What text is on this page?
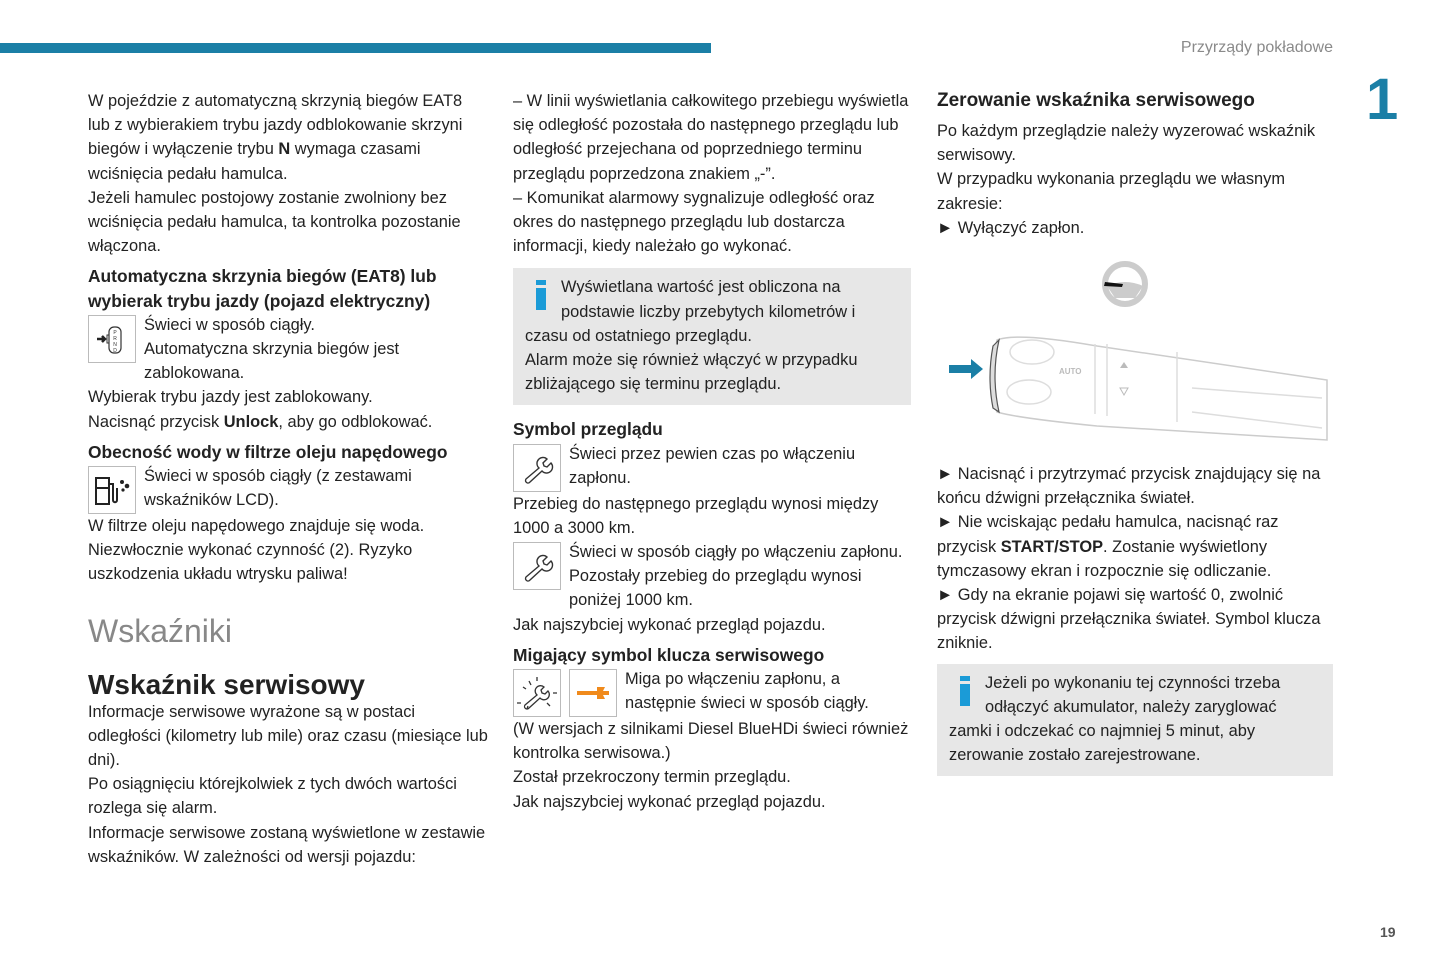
Przyrządy pokładowe
1
19

W pojeździe z automatyczną skrzynią biegów EAT8 lub z wybierakiem trybu jazdy odblokowanie skrzyni biegów i wyłączenie trybu N wymaga czasami wciśnięcia pedału hamulca.

Jeżeli hamulec postojowy zostanie zwolniony bez wciśnięcia pedału hamulca, ta kontrolka pozostanie włączona.

Automatyczna skrzynia biegów (EAT8) lub wybierak trybu jazdy (pojazd elektryczny)
P
R
N
D

Świeci w sposób ciągły.

Automatyczna skrzynia biegów jest zablokowana.

Wybierak trybu jazdy jest zablokowany.

Nacisnąć przycisk Unlock, aby go odblokować.

Obecność wody w filtrze oleju napędowego

Świeci w sposób ciągły (z zestawami wskaźników LCD).

W filtrze oleju napędowego znajduje się woda.

Niezwłocznie wykonać czynność (2). Ryzyko uszkodzenia układu wtrysku paliwa!

Wskaźniki
Wskaźnik serwisowy

Informacje serwisowe wyrażone są w postaci odległości (kilometry lub mile) oraz czasu (miesiące lub dni).

Po osiągnięciu którejkolwiek z tych dwóch wartości rozlega się alarm.

Informacje serwisowe zostaną wyświetlone w zestawie wskaźników. W zależności od wersji pojazdu:

– W linii wyświetlania całkowitego przebiegu wyświetla się odległość pozostała do następnego przeglądu lub odległość przejechana od poprzedniego terminu przeglądu poprzedzona znakiem „-”.

– Komunikat alarmowy sygnalizuje odległość oraz okres do następnego przeglądu lub dostarcza informacji, kiedy należało go wykonać.

Wyświetlana wartość jest obliczona na podstawie liczby przebytych kilometrów i czasu od ostatniego przeglądu.

Alarm może się również włączyć w przypadku zbliżającego się terminu przeglądu.

Symbol przeglądu

Świeci przez pewien czas po włączeniu zapłonu.

Przebieg do następnego przeglądu wynosi między 1000 a 3000 km.

Świeci w sposób ciągły po włączeniu zapłonu. Pozostały przebieg do przeglądu wynosi poniżej 1000 km.

Jak najszybciej wykonać przegląd pojazdu.

Migający symbol klucza serwisowego

Miga po włączeniu zapłonu, a następnie świeci w sposób ciągły.

(W wersjach z silnikami Diesel BlueHDi świeci również kontrolka serwisowa.)

Został przekroczony termin przeglądu.

Jak najszybciej wykonać przegląd pojazdu.

Zerowanie wskaźnika serwisowego

Po każdym przeglądzie należy wyzerować wskaźnik serwisowy.

W przypadku wykonania przeglądu we własnym zakresie:

► Wyłączyć zapłon.

AUTO

► Nacisnąć i przytrzymać przycisk znajdujący się na końcu dźwigni przełącznika świateł.

► Nie wciskając pedału hamulca, nacisnąć raz przycisk START/STOP. Zostanie wyświetlony tymczasowy ekran i rozpocznie się odliczanie.

► Gdy na ekranie pojawi się wartość 0, zwolnić przycisk dźwigni przełącznika świateł. Symbol klucza zniknie.

Jeżeli po wykonaniu tej czynności trzeba odłączyć akumulator, należy zaryglować zamki i odczekać co najmniej 5 minut, aby zerowanie zostało zarejestrowane.
